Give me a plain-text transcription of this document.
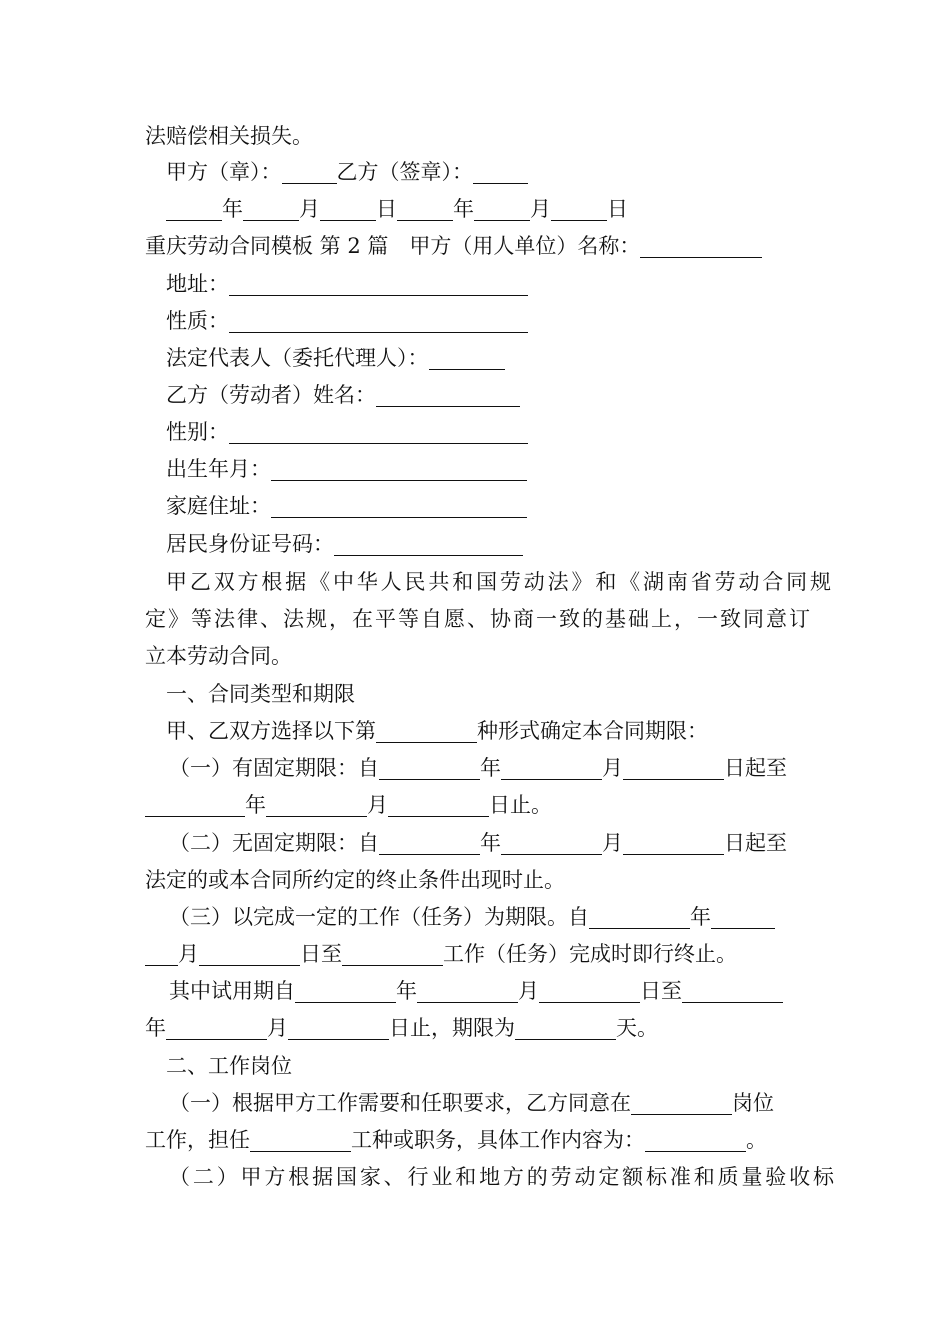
法赔偿相关损失。
甲方（章）：	乙方（签章）：
年	月	日	年	月	日
重庆劳动合同模板 第 2 篇　甲方（用人单位）名称：
地址：
性质：
法定代表人（委托代理人）：
乙方（劳动者）姓名：
性别：
出生年月：
家庭住址：
居民身份证号码：
甲乙双方根据《中华人民共和国劳动法》和《湖南省劳动合同规
定》等法律、法规，在平等自愿、协商一致的基础上，一致同意订
立本劳动合同。
一、合同类型和期限
甲、乙双方选择以下第	种形式确定本合同期限：
（一）有固定期限：自	年	月	日起至
年	月	日止。
（二）无固定期限：自	年	月	日起至
法定的或本合同所约定的终止条件出现时止。
（三）以完成一定的工作（任务）为期限。自	年
月	日至	工作（任务）完成时即行终止。
其中试用期自	年	月	日至
年	月	日止，期限为	天。
二、工作岗位
（一）根据甲方工作需要和任职要求，乙方同意在	岗位
工作，担任	工种或职务，具体工作内容为：	。
（二）甲方根据国家、行业和地方的劳动定额标准和质量验收标
